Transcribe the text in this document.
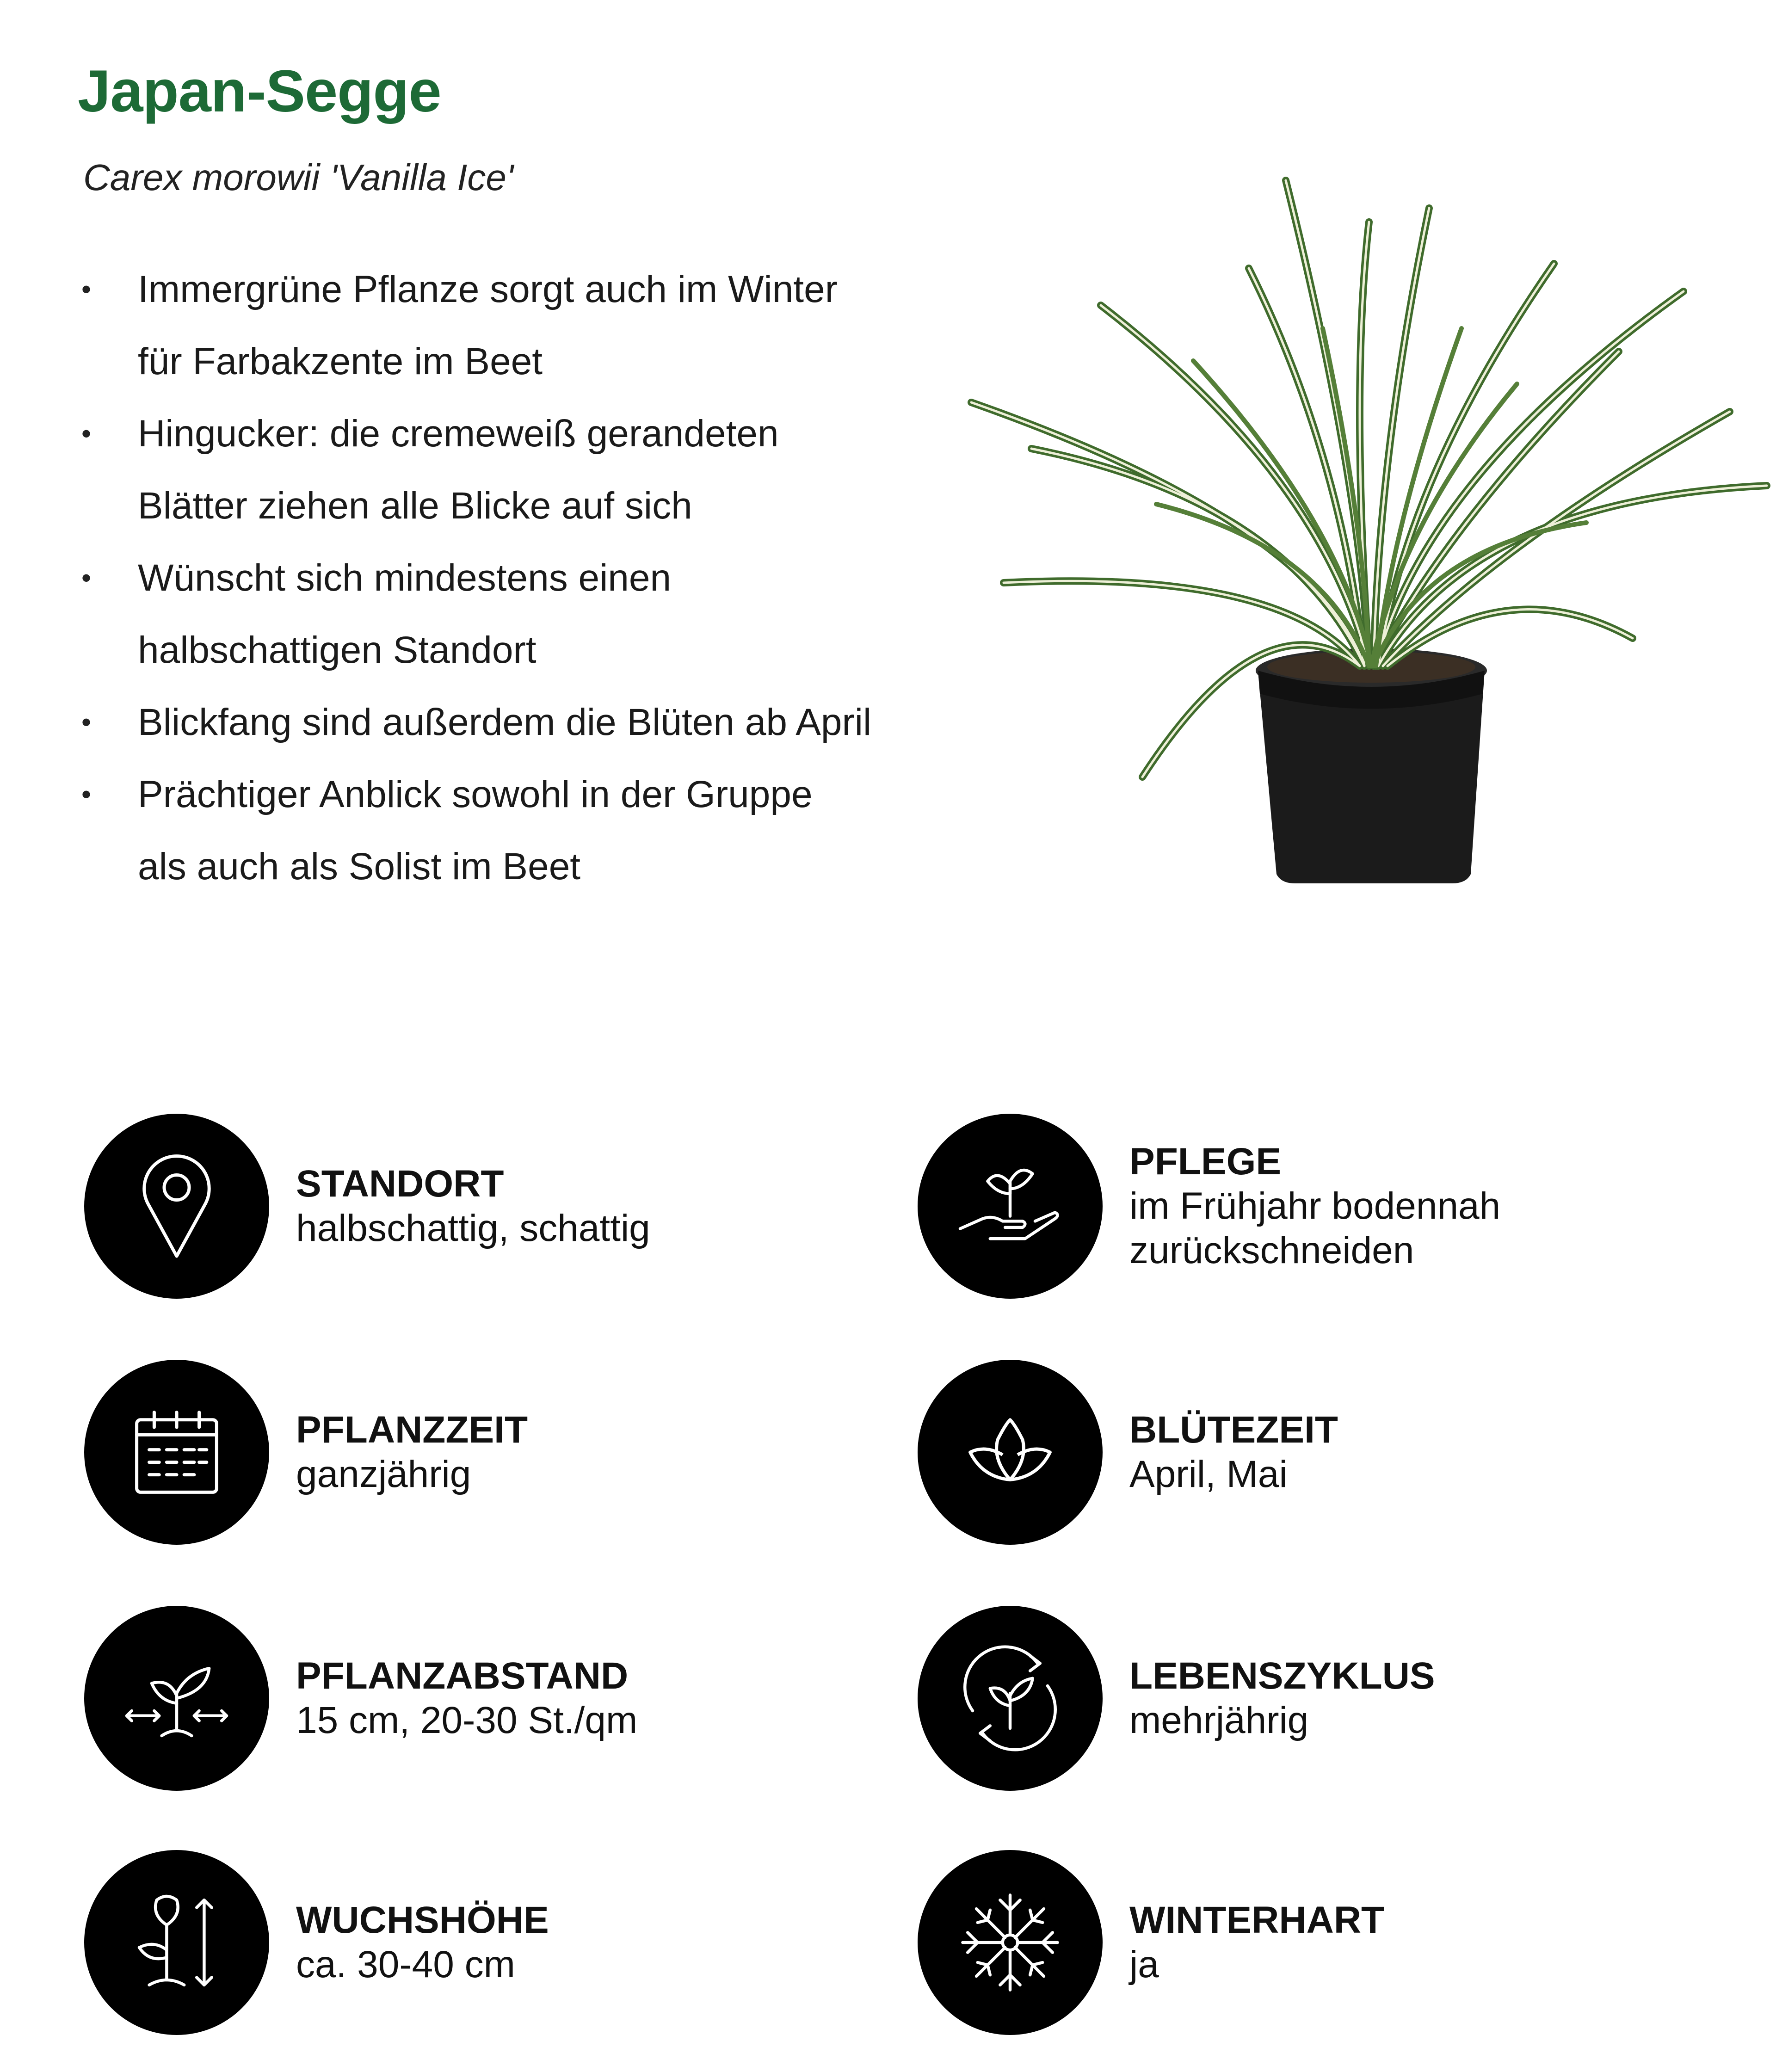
Japan-Segge
Carex morowii 'Vanilla Ice'
• Immergrüne Pflanze sorgt auch im Winter
für Farbakzente im Beet
• Hingucker: die cremeweiß gerandeten
Blätter ziehen alle Blicke auf sich
• Wünscht sich mindestens einen
halbschattigen Standort
• Blickfang sind außerdem die Blüten ab April
• Prächtiger Anblick sowohl in der Gruppe
als auch als Solist im Beet
STANDORT
halbschattig, schattig
PFLEGE
im Frühjahr bodennah
zurückschneiden
PFLANZZEIT
ganzjährig
BLÜTEZEIT
April, Mai
PFLANZABSTAND
15 cm, 20-30 St./qm
LEBENSZYKLUS
mehrjährig
WUCHSHÖHE
ca. 30-40 cm
WINTERHART
ja
